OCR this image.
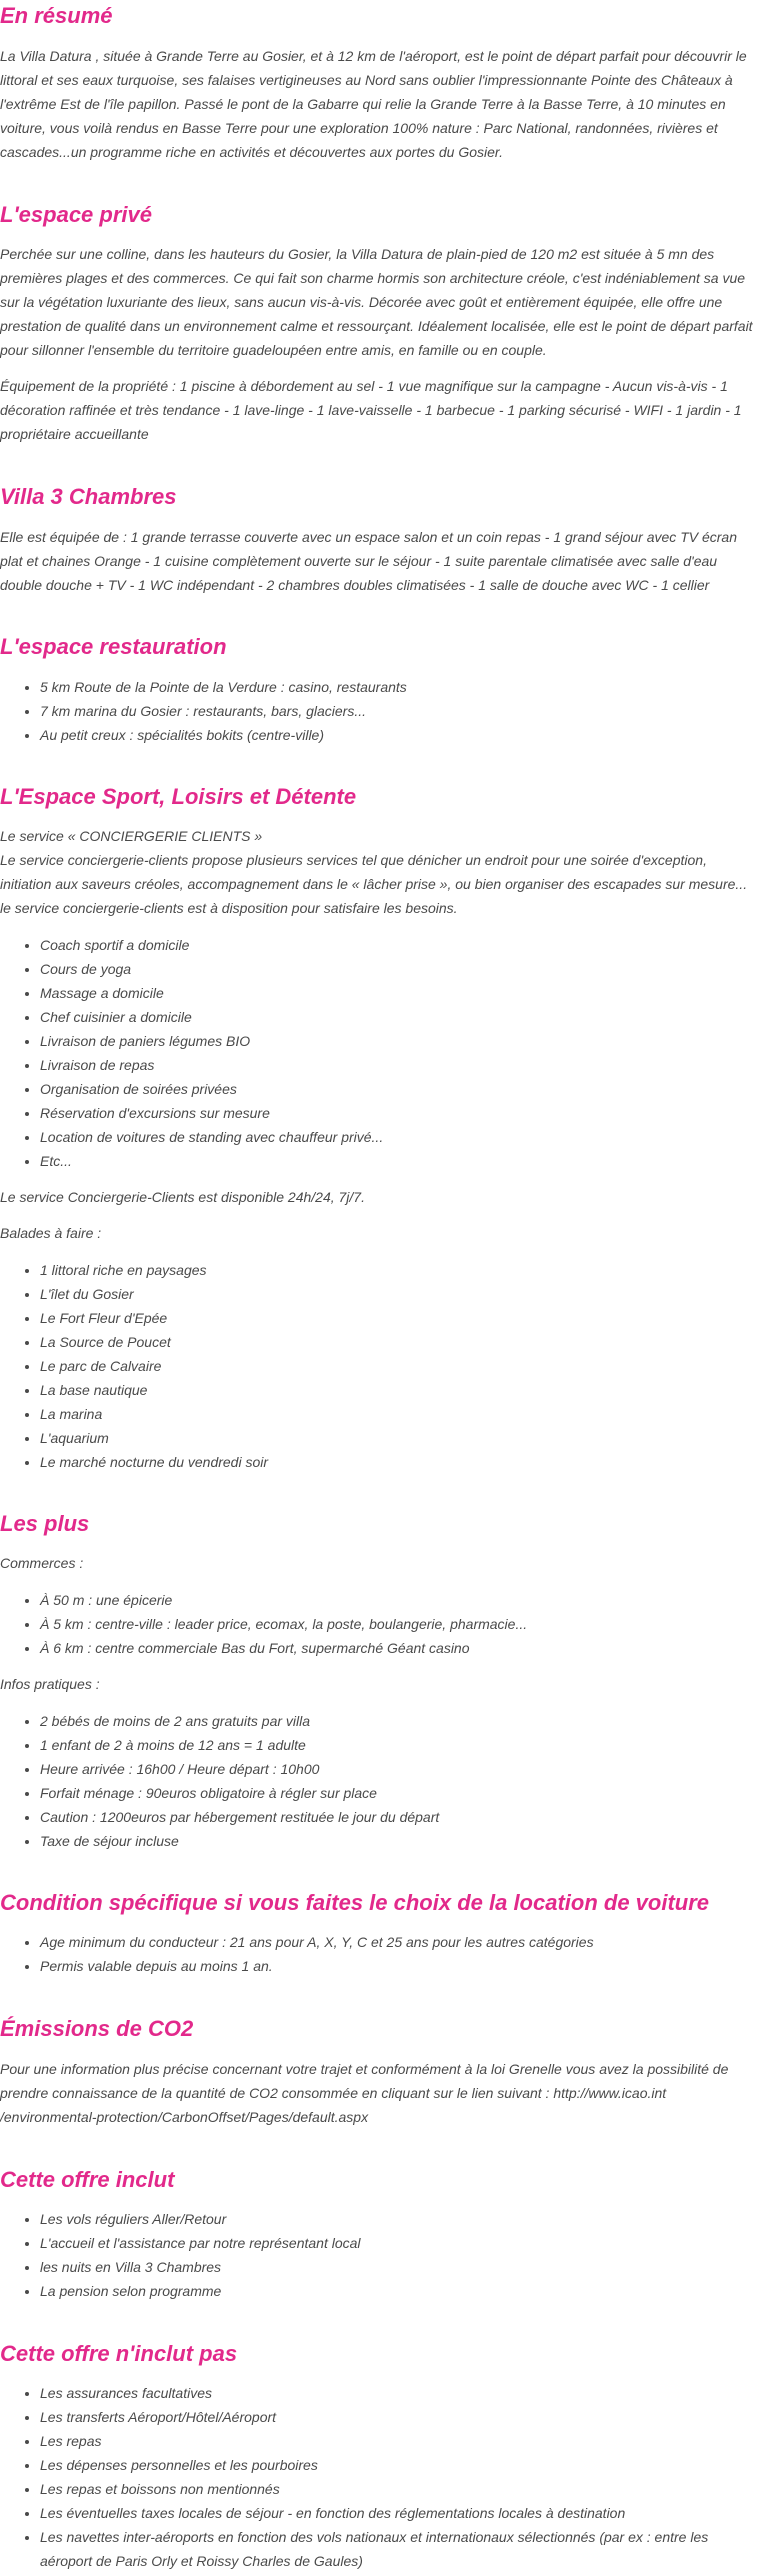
En résumé

La Villa Datura , située à Grande Terre au Gosier, et à 12 km de l'aéroport, est le point de départ parfait pour découvrir le littoral et ses eaux turquoise, ses falaises vertigineuses au Nord sans oublier l'impressionnante Pointe des Châteaux à l'extrême Est de l'île papillon. Passé le pont de la Gabarre qui relie la Grande Terre à la Basse Terre, à 10 minutes en voiture, vous voilà rendus en Basse Terre pour une exploration 100% nature : Parc National, randonnées, rivières et cascades...un programme riche en activités et découvertes aux portes du Gosier.

L'espace privé

Perchée sur une colline, dans les hauteurs du Gosier, la Villa Datura de plain-pied de 120 m2 est située à 5 mn des premières plages et des commerces. Ce qui fait son charme hormis son architecture créole, c'est indéniablement sa vue sur la végétation luxuriante des lieux, sans aucun vis-à-vis. Décorée avec goût et entièrement équipée, elle offre une prestation de qualité dans un environnement calme et ressourçant. Idéalement localisée, elle est le point de départ parfait pour sillonner l'ensemble du territoire guadeloupéen entre amis, en famille ou en couple.

Équipement de la propriété : 1 piscine à débordement au sel - 1 vue magnifique sur la campagne - Aucun vis-à-vis - 1 décoration raffinée et très tendance - 1 lave-linge - 1 lave-vaisselle - 1 barbecue - 1 parking sécurisé - WIFI - 1 jardin - 1 propriétaire accueillante

Villa 3 Chambres

Elle est équipée de : 1 grande terrasse couverte avec un espace salon et un coin repas - 1 grand séjour avec TV écran plat et chaines Orange - 1 cuisine complètement ouverte sur le séjour - 1 suite parentale climatisée avec salle d'eau double douche + TV - 1 WC indépendant - 2 chambres doubles climatisées - 1 salle de douche avec WC - 1 cellier

L'espace restauration
• 5 km Route de la Pointe de la Verdure : casino, restaurants
• 7 km marina du Gosier : restaurants, bars, glaciers...
• Au petit creux : spécialités bokits (centre-ville)
L'Espace Sport, Loisirs et Détente

Le service « CONCIERGERIE CLIENTS »
Le service conciergerie-clients propose plusieurs services tel que dénicher un endroit pour une soirée d'exception, initiation aux saveurs créoles, accompagnement dans le « lâcher prise », ou bien organiser des escapades sur mesure...
le service conciergerie-clients est à disposition pour satisfaire les besoins.

• Coach sportif a domicile
• Cours de yoga
• Massage a domicile
• Chef cuisinier a domicile
• Livraison de paniers légumes BIO
• Livraison de repas
• Organisation de soirées privées
• Réservation d'excursions sur mesure
• Location de voitures de standing avec chauffeur privé...
• Etc...

Le service Conciergerie-Clients est disponible 24h/24, 7j/7.

Balades à faire :

• 1 littoral riche en paysages
• L'îlet du Gosier
• Le Fort Fleur d'Epée
• La Source de Poucet
• Le parc de Calvaire
• La base nautique
• La marina
• L'aquarium
• Le marché nocturne du vendredi soir
Les plus

Commerces :

• À 50 m : une épicerie
• À 5 km : centre-ville : leader price, ecomax, la poste, boulangerie, pharmacie...
• À 6 km : centre commerciale Bas du Fort, supermarché Géant casino

Infos pratiques :

• 2 bébés de moins de 2 ans gratuits par villa
• 1 enfant de 2 à moins de 12 ans = 1 adulte
• Heure arrivée : 16h00 / Heure départ : 10h00
• Forfait ménage : 90euros obligatoire à régler sur place
• Caution : 1200euros par hébergement restituée le jour du départ
• Taxe de séjour incluse
Condition spécifique si vous faites le choix de la location de voiture
• Age minimum du conducteur : 21 ans pour A, X, Y, C et 25 ans pour les autres catégories
• Permis valable depuis au moins 1 an.
Émissions de CO2

Pour une information plus précise concernant votre trajet et conformément à la loi Grenelle vous avez la possibilité de prendre connaissance de la quantité de CO2 consommée en cliquant sur le lien suivant : http://www.icao.int /environmental-protection/CarbonOffset/Pages/default.aspx

Cette offre inclut
• Les vols réguliers Aller/Retour
• L'accueil et l'assistance par notre représentant local
• les nuits en Villa 3 Chambres
• La pension selon programme
Cette offre n'inclut pas
• Les assurances facultatives
• Les transferts Aéroport/Hôtel/Aéroport
• Les repas
• Les dépenses personnelles et les pourboires
• Les repas et boissons non mentionnés
• Les éventuelles taxes locales de séjour - en fonction des réglementations locales à destination
• Les navettes inter-aéroports en fonction des vols nationaux et internationaux sélectionnés (par ex : entre les aéroport de Paris Orly et Roissy Charles de Gaules)
